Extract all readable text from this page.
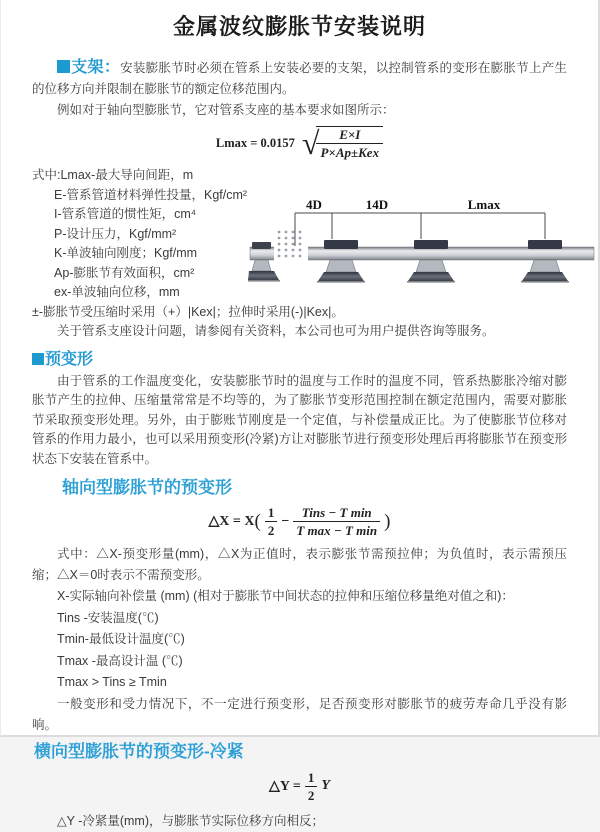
金属波纹膨胀节安装说明

支架：安装膨胀节时必须在管系上安装必要的支架，以控制管系的变形在膨胀节上产生的位移方向并限制在膨胀节的额定位移范围内。

例如对于轴向型膨胀节，它对管系支座的基本要求如图所示：

Lmax = 0.0157 √
$\frac{E\times I}{\text{P×Ap±Kex}}$
式中:Lmax-最大导向间距，m
E-管系管道材料弹性投量，Kgf/cm²
I-管系管道的惯性矩，cm⁴
P-设计压力，Kgf/mm²
K-单波轴向刚度；Kgf/mm
Ap-膨胀节有效面积，cm²
ex-单波轴向位移，mm
4D	14D	Lmax

±-膨胀节受压缩时采用（+）|Kex|；拉伸时采用(-)|Kex|。

关于管系支座设计问题，请参阅有关资料，本公司也可为用户提供咨询等服务。

预变形

由于管系的工作温度变化，安装膨胀节时的温度与工作时的温度不同，管系热膨胀冷缩对膨胀节产生的拉伸、压缩量常常是不均等的，为了膨胀节变形范围控制在额定范围内，需要对膨胀节采取预变形处理。另外，由于膨账节刚度是一个定值，与补偿量成正比。为了使膨胀节位移对管系的作用力最小，也可以采用预变形(冷紧)方让对膨胀节进行预变形处理后再将膨胀节在预变形状态下安装在管系中。

轴向型膨胀节的预变形
△X = X ( $\frac{1}{2} - \frac{\text{Tins − T min}}{\text{T max − T min}}$ )

式中：△X-预变形量(mm)，△X为正值时，表示膨张节需预拉伸；为负值时，表示需预压缩；△X＝0时表示不需预变形。

X-实际轴向补偿量 (mm) (相对于膨胀节中间状态的拉伸和压缩位移量绝对值之和)：

Tins -安装温度(℃)
Tmin-最低设计温度(℃)
Tmax -最高设计温 (℃)
Tmax > Tins ≥ Tmin

一般变形和受力情况下，不一定进行预变形，足否预变形对膨胀节的疲劳寿命几乎没有影响。

横向型膨胀节的预变形-冷紧
△Y = $\frac{1}{2}$ Y

△Y -冷紧量(mm)，与膨胀节实际位移方向相反；
